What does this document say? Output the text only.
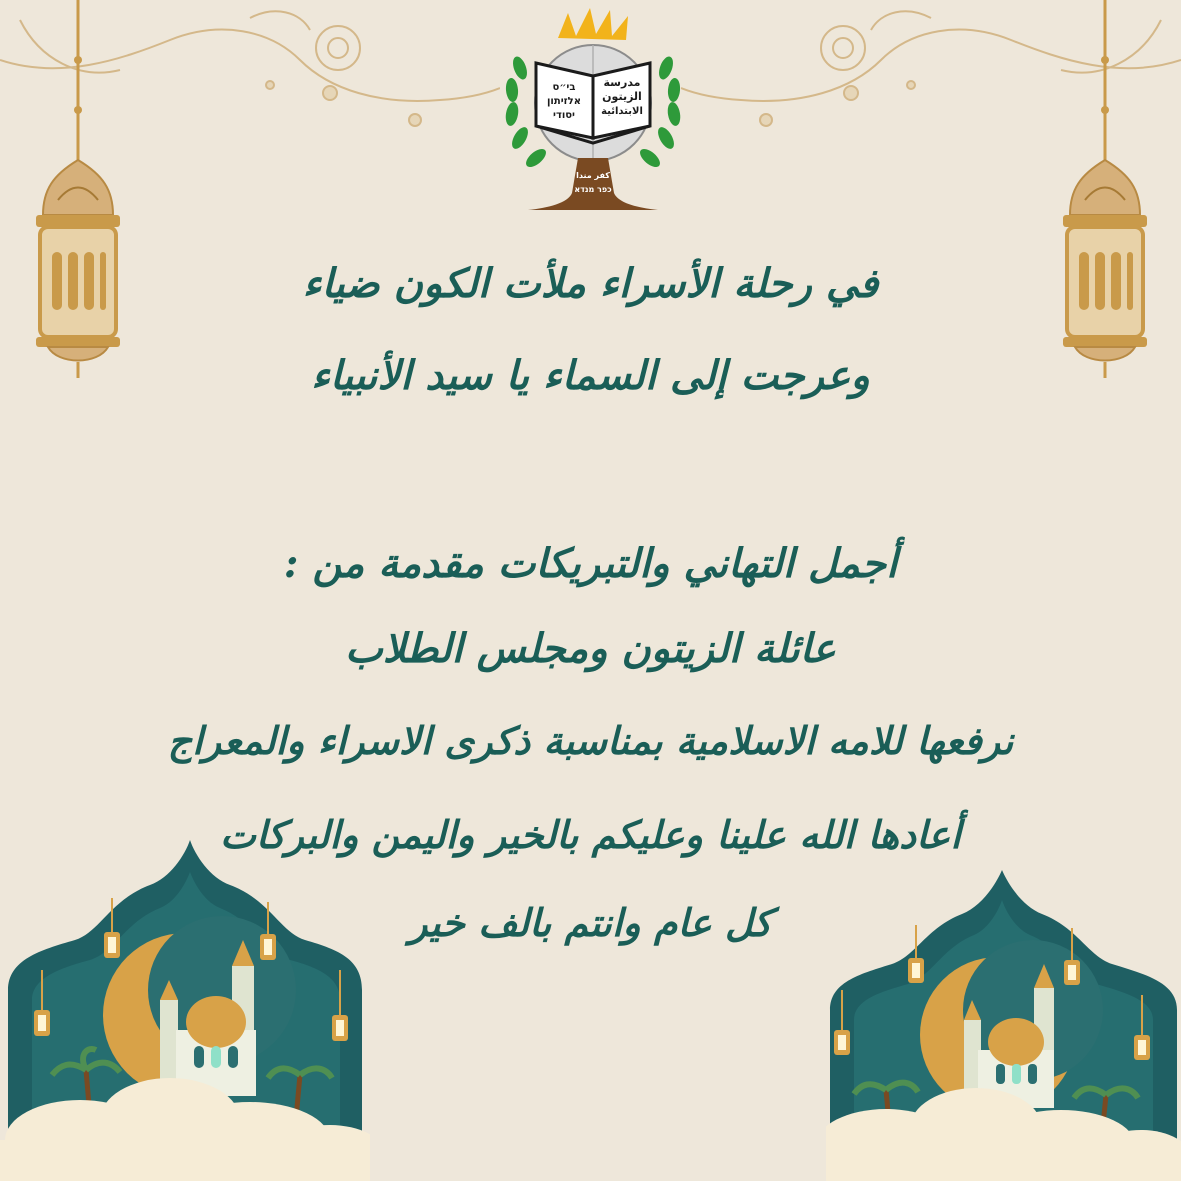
مدرسة
الزيتون
الابتدائية
בי״ס
אלזיתון
יסודי
كفر مندا
כפר מנדא
في رحلة الأسراء ملأت الكون ضياء
وعرجت إلى السماء يا سيد الأنبياء
أجمل التهاني والتبريكات مقدمة من :
عائلة الزيتون ومجلس الطلاب
نرفعها للامه الاسلامية بمناسبة ذكرى الاسراء والمعراج
أعادها الله علينا وعليكم بالخير واليمن والبركات
كل عام وانتم بالف خير
